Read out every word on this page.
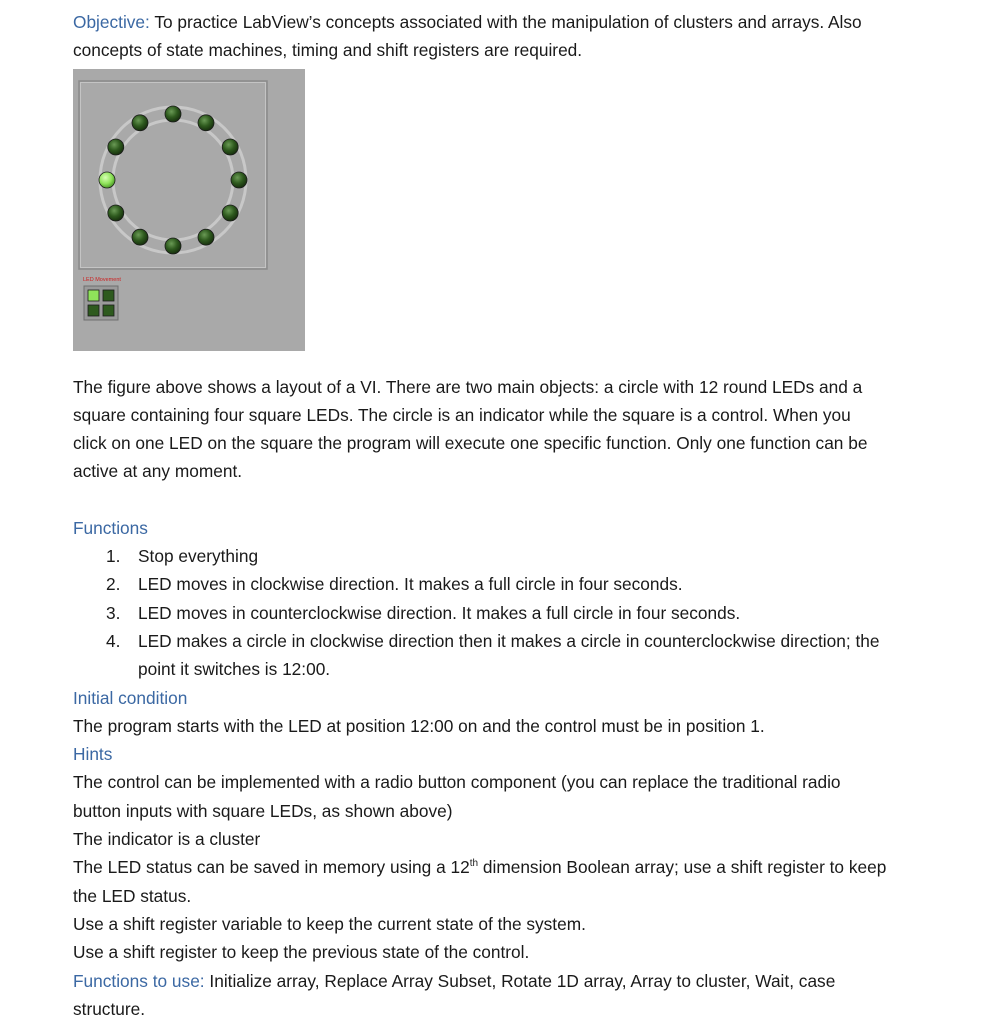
Objective: To practice LabView’s concepts associated with the manipulation of clusters and arrays. Also

concepts of state machines, timing and shift registers are required.

LED Movement

The figure above shows a layout of a VI. There are two main objects: a circle with 12 round LEDs and a

square containing four square LEDs. The circle is an indicator while the square is a control. When you

click on one LED on the square the program will execute one specific function. Only one function can be

active at any moment.

Functions

1. Stop everything
2. LED moves in clockwise direction. It makes a full circle in four seconds.
3. LED moves in counterclockwise direction. It makes a full circle in four seconds.
4. LED makes a circle in clockwise direction then it makes a circle in counterclockwise direction; the
point it switches is 12:00.

Initial condition

The program starts with the LED at position 12:00 on and the control must be in position 1.

Hints

The control can be implemented with a radio button component (you can replace the traditional radio

button inputs with square LEDs, as shown above)

The indicator is a cluster

The LED status can be saved in memory using a 12th dimension Boolean array; use a shift register to keep

the LED status.

Use a shift register variable to keep the current state of the system.

Use a shift register to keep the previous state of the control.

Functions to use: Initialize array, Replace Array Subset, Rotate 1D array, Array to cluster, Wait, case

structure.
